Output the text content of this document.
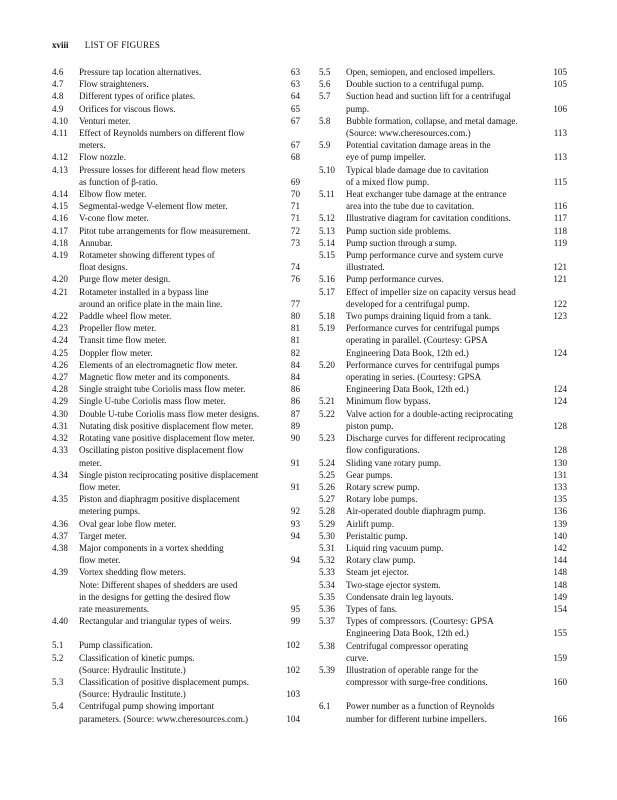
xviii LIST OF FIGURES
4.6	Pressure tap location alternatives.	63
4.7	Flow straighteners.	63
4.8	Different types of orifice plates.	64
4.9	Orifices for viscous flows.	65
4.10	Venturi meter.	67
4.11	Effect of Reynolds numbers on different flow
meters.	67
4.12	Flow nozzle.	68
4.13	Pressure losses for different head flow meters
as function of β-ratio.	69
4.14	Elbow flow meter.	70
4.15	Segmental-wedge V-element flow meter.	71
4.16	V-cone flow meter.	71
4.17	Pitot tube arrangements for flow measurement.	72
4.18	Annubar.	73
4.19	Rotameter showing different types of
float designs.	74
4.20	Purge flow meter design.	76
4.21	Rotameter installed in a bypass line
around an orifice plate in the main line.	77
4.22	Paddle wheel flow meter.	80
4.23	Propeller flow meter.	81
4.24	Transit time flow meter.	81
4.25	Doppler flow meter.	82
4.26	Elements of an electromagnetic flow meter.	84
4.27	Magnetic flow meter and its components.	84
4.28	Single straight tube Coriolis mass flow meter.	86
4.29	Single U-tube Coriolis mass flow meter.	86
4.30	Double U-tube Coriolis mass flow meter designs.	87
4.31	Nutating disk positive displacement flow meter.	89
4.32	Rotating vane positive displacement flow meter.	90
4.33	Oscillating piston positive displacement flow
meter.	91
4.34	Single piston reciprocating positive displacement
flow meter.	91
4.35	Piston and diaphragm positive displacement
metering pumps.	92
4.36	Oval gear lobe flow meter.	93
4.37	Target meter.	94
4.38	Major components in a vortex shedding
flow meter.	94
4.39	Vortex shedding flow meters.
Note: Different shapes of shedders are used
in the designs for getting the desired flow
rate measurements.	95
4.40	Rectangular and triangular types of weirs.	99
5.1	Pump classification.	102
5.2	Classification of kinetic pumps.
(Source: Hydraulic Institute.)	102
5.3	Classification of positive displacement pumps.
(Source: Hydraulic Institute.)	103
5.4	Centrifugal pump showing important
parameters. (Source: www.cheresources.com.)	104
5.5	Open, semiopen, and enclosed impellers.	105
5.6	Double suction to a centrifugal pump.	105
5.7	Suction head and suction lift for a centrifugal
pump.	106
5.8	Bubble formation, collapse, and metal damage.
(Source: www.cheresources.com.)	113
5.9	Potential cavitation damage areas in the
eye of pump impeller.	113
5.10	Typical blade damage due to cavitation
of a mixed flow pump.	115
5.11	Heat exchanger tube damage at the entrance
area into the tube due to cavitation.	116
5.12	Illustrative diagram for cavitation conditions.	117
5.13	Pump suction side problems.	118
5.14	Pump suction through a sump.	119
5.15	Pump performance curve and system curve
illustrated.	121
5.16	Pump performance curves.	121
5.17	Effect of impeller size on capacity versus head
developed for a centrifugal pump.	122
5.18	Two pumps draining liquid from a tank.	123
5.19	Performance curves for centrifugal pumps
operating in parallel. (Courtesy: GPSA
Engineering Data Book, 12th ed.)	124
5.20	Performance curves for centrifugal pumps
operating in series. (Courtesy: GPSA
Engineering Data Book, 12th ed.)	124
5.21	Minimum flow bypass.	124
5.22	Valve action for a double-acting reciprocating
piston pump.	128
5.23	Discharge curves for different reciprocating
flow configurations.	128
5.24	Sliding vane rotary pump.	130
5.25	Gear pumps.	131
5.26	Rotary screw pump.	133
5.27	Rotary lobe pumps.	135
5.28	Air-operated double diaphragm pump.	136
5.29	Airlift pump.	139
5.30	Peristaltic pump.	140
5.31	Liquid ring vacuum pump.	142
5.32	Rotary claw pump.	144
5.33	Steam jet ejector.	148
5.34	Two-stage ejector system.	148
5.35	Condensate drain leg layouts.	149
5.36	Types of fans.	154
5.37	Types of compressors. (Courtesy: GPSA
Engineering Data Book, 12th ed.)	155
5.38	Centrifugal compressor operating
curve.	159
5.39	Illustration of operable range for the
compressor with surge-free conditions.	160
6.1	Power number as a function of Reynolds
number for different turbine impellers.	166
